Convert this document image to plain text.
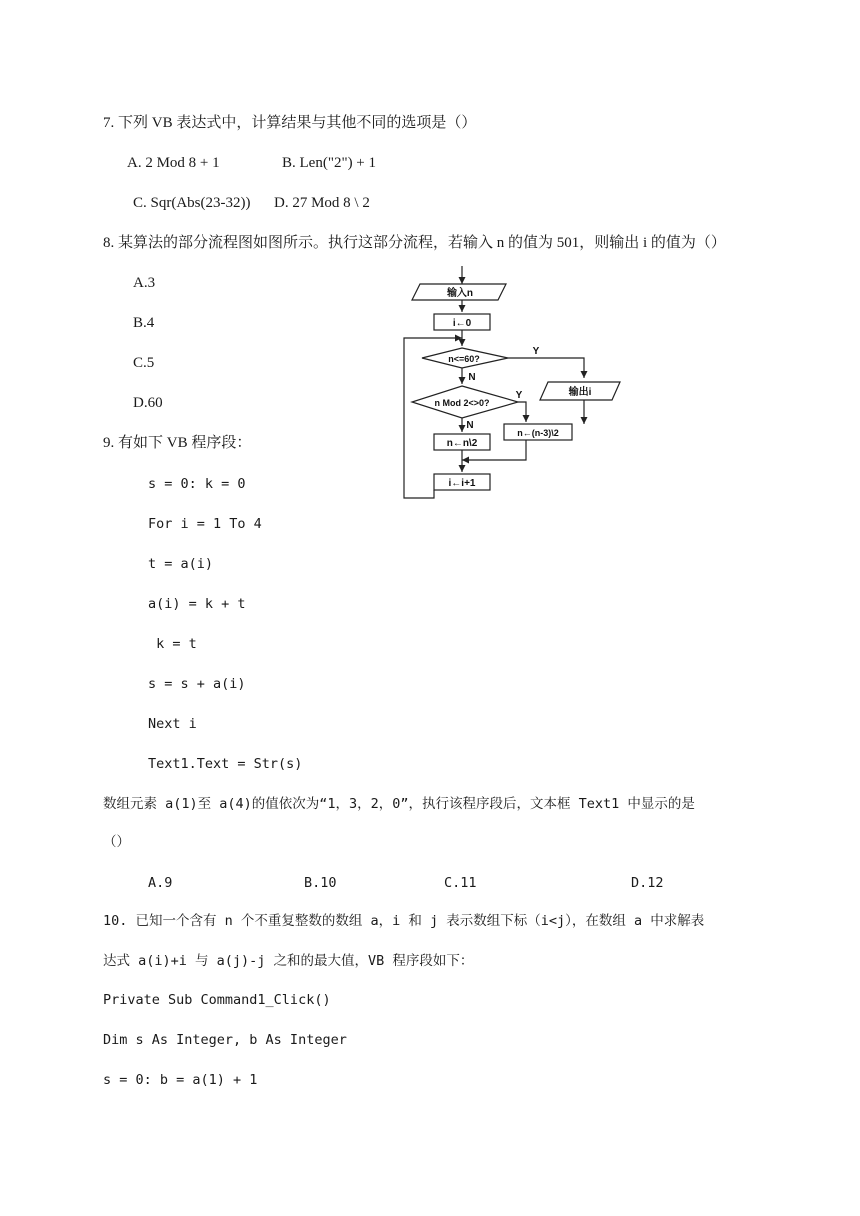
7. 下列 VB 表达式中，计算结果与其他不同的选项是（）
A. 2 Mod 8 + 1	B. Len("2") + 1
C. Sqr(Abs(23-32)) D. 27 Mod 8 \ 2
8. 某算法的部分流程图如图所示。执行这部分流程，若输入 n 的值为 501，则输出 i 的值为（）
A.3
B.4
C.5
D.60
输入n
i←0
n<=60?
Y
N
输出i
n Mod 2<>0?
Y
N
n←(n-3)\2
n←n\2
i←i+1
9. 有如下 VB 程序段：
s = 0: k = 0
For i = 1 To 4
t = a(i)
a(i) = k + t
k = t
s = s + a(i)
Next i
Text1.Text = Str(s)
数组元素 a(1)至 a(4)的值依次为“1，3，2，0”，执行该程序段后，文本框 Text1 中显示的是
（）
A.9	B.10	C.11	D.12
10. 已知一个含有 n 个不重复整数的数组 a，i 和 j 表示数组下标（i<j），在数组 a 中求解表
达式 a(i)+i 与 a(j)-j 之和的最大值，VB 程序段如下：
Private Sub Command1_Click()
Dim s As Integer, b As Integer
s = 0: b = a(1) + 1
